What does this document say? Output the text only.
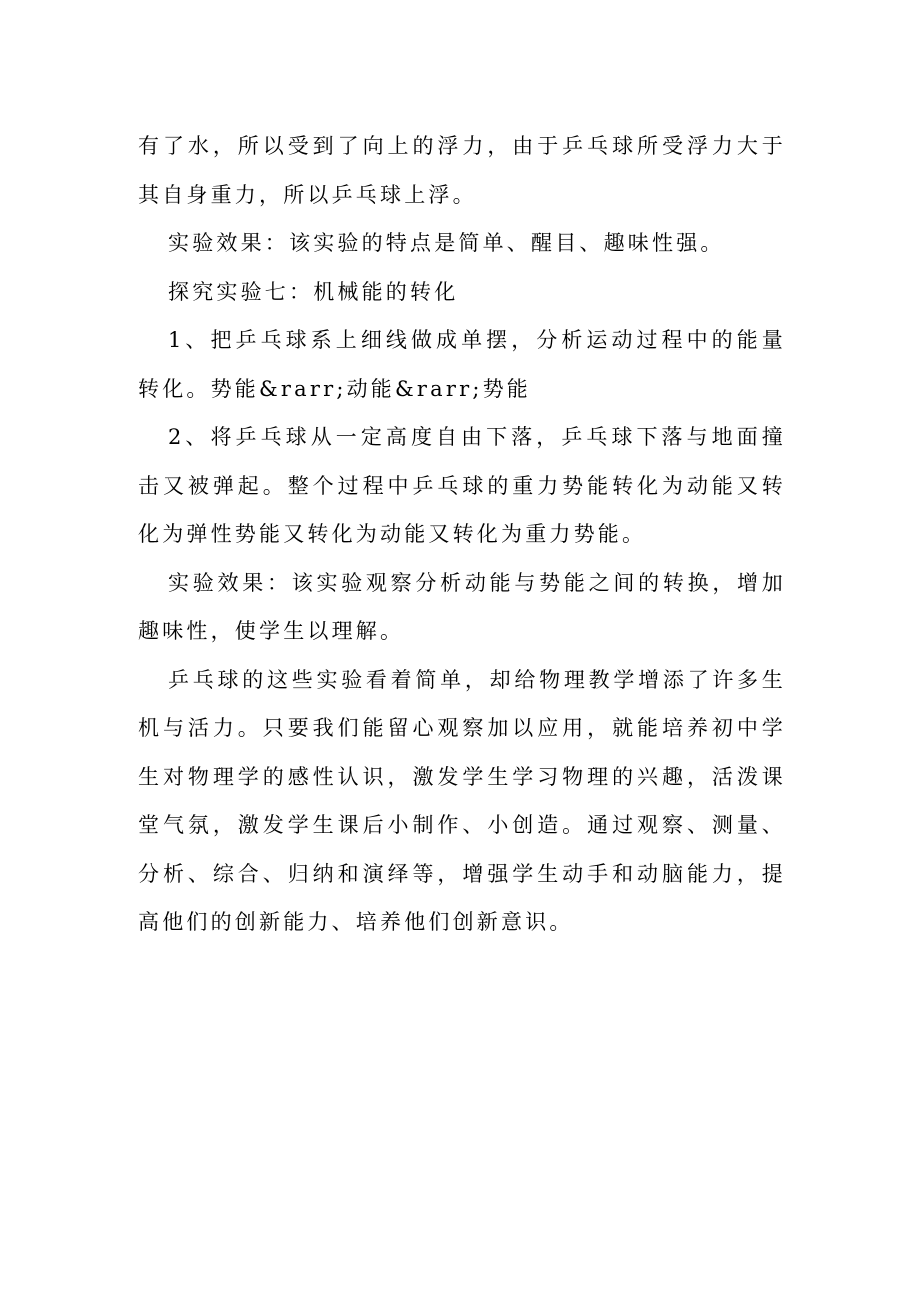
有了水，所以受到了向上的浮力，由于乒乓球所受浮力大于其自身重力，所以乒乓球上浮。

实验效果：该实验的特点是简单、醒目、趣味性强。

探究实验七：机械能的转化

1、把乒乓球系上细线做成单摆，分析运动过程中的能量转化。势能&rarr;动能&rarr;势能

2、将乒乓球从一定高度自由下落，乒乓球下落与地面撞击又被弹起。整个过程中乒乓球的重力势能转化为动能又转化为弹性势能又转化为动能又转化为重力势能。

实验效果：该实验观察分析动能与势能之间的转换，增加趣味性，使学生以理解。

乒乓球的这些实验看着简单，却给物理教学增添了许多生机与活力。只要我们能留心观察加以应用，就能培养初中学生对物理学的感性认识，激发学生学习物理的兴趣，活泼课堂气氛，激发学生课后小制作、小创造。通过观察、测量、分析、综合、归纳和演绎等，增强学生动手和动脑能力，提高他们的创新能力、培养他们创新意识。
